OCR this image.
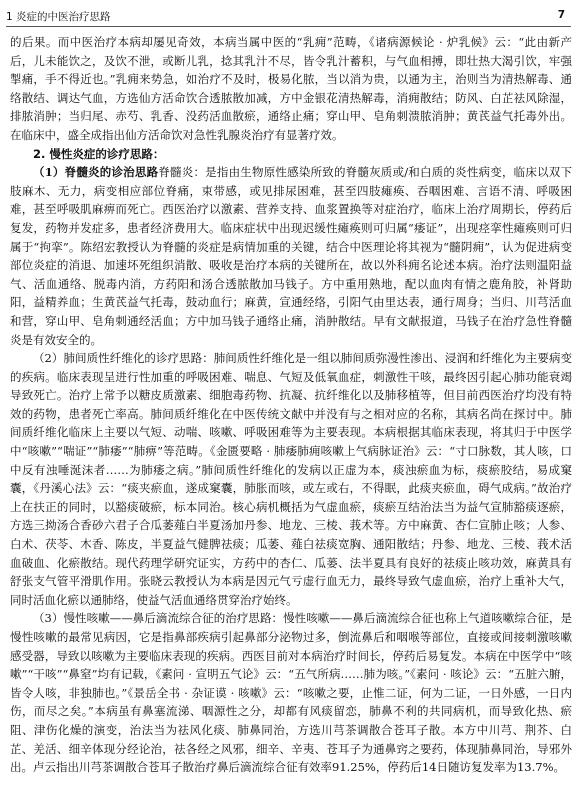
1 炎症的中医治疗思路	7

的后果。而中医治疗本病却屡见奇效，本病当属中医的“乳痈”范畴，《诸病源候论 · 炉乳候》云：“此由新产后，儿未能饮之，及饮不泄，或断儿乳，捻其乳汁不尽，皆令乳汁蓄积，与气血相搏，即壮热大渴引饮，牢强掣痛，手不得近也。”乳痈来势急，如治疗不及时，极易化脓，当以消为贵，以通为主，治则当为清热解毒、通络散结、调达气血，方选仙方活命饮合透脓散加减，方中金银花清热解毒，消痈散结；防风、白芷祛风除湿，排脓消肿；当归尾、赤芍、乳香、没药活血散瘀，通络止痛；穿山甲、皂角刺溃脓消肿；黄芪益气托毒外出。在临床中，盛全成指出仙方活命饮对急性乳腺炎治疗有显著疗效。

2. 慢性炎症的诊疗思路：

（1）脊髓炎的诊治思路脊髓炎：是指由生物原性感染所致的脊髓灰质或/和白质的炎性病变，临床以双下肢麻木、无力，病变相应部位脊痛，束带感，或见排尿困难，甚至四肢瘫痪、吞咽困难、言语不清、呼吸困难，甚至呼吸肌麻痹而死亡。西医治疗以激素、营养支持、血浆置换等对症治疗，临床上治疗周期长，停药后复发，药物并发症多，患者经济费用大。临床症状中出现迟缓性瘫痪则可归属“痿证”，出现痉挛性瘫痪则可归属于“拘挛”。陈绍宏教授认为脊髓的炎症是病情加重的关键，结合中医理论将其视为“髓阴痈”，认为促进病变部位炎症的消退、加速坏死组织消散、吸收是治疗本病的关键所在，故以外科痈名论述本病。治疗法则温阳益气、活血通络、脱毒内消，方药阳和汤合透脓散加马钱子。方中重用熟地，配以血肉有情之鹿角胶，补肾助阳，益精养血；生黄芪益气托毒，鼓动血行；麻黄，宣通经络，引阳气由里达表，通行周身；当归、川芎活血和营，穿山甲、皂角刺通经活血；方中加马钱子通络止痛，消肿散结。早有文献报道，马钱子在治疗急性脊髓炎是有效安全的。

（2）肺间质性纤维化的诊疗思路：肺间质性纤维化是一组以肺间质弥漫性渗出、浸润和纤维化为主要病变的疾病。临床表现呈进行性加重的呼吸困难、喘息、气短及低氧血症，刺激性干咳，最终因引起心肺功能衰竭导致死亡。治疗上常予以糖皮质激素、细胞毒药物、抗凝、抗纤维化以及肺移植等，但目前西医治疗均没有特效的药物，患者死亡率高。肺间质纤维化在中医传统文献中并没有与之相对应的名称，其病名尚在探讨中。肺间质纤维化临床上主要以气短、动喘、咳嗽、呼吸困难等为主要表现。本病根据其临床表现，将其归于中医学中“咳嗽”“喘证”“肺痿”“肺痹”等范畴。《金匮要略 · 肺痿肺痈咳嗽上气病脉证治》云：“寸口脉数，其人咳，口中反有浊唾涎沫者……为肺痿之病。”肺间质性纤维化的发病以正虚为本，痰浊瘀血为标，痰瘀胶结，易成窠囊，《丹溪心法》云：“痰夹瘀血，遂成窠囊，肺胀而咳，或左或右，不得眠，此痰夹瘀血，碍气成病。”故治疗上在扶正的同时，以豁痰破瘀，标本同治。核心病机概括为气虚血瘀，痰瘀互结治法当为益气宣肺豁痰逐瘀，方选三拗汤合香砂六君子合瓜萎薤白半夏汤加丹参、地龙、三棱、莪术等。方中麻黄、杏仁宣肺止咳；人参、白术、茯苓、木香、陈皮，半夏益气健脾祛痰；瓜萎、薤白祛痰宽胸、通阳散结；丹参、地龙、三棱、莪术活血破血、化瘀散结。现代药理学研究证实，方药中的杏仁、瓜蒌、法半夏具有良好的祛痰止咳功效，麻黄具有舒张支气管平滑肌作用。张晓云教授认为本病是因元气亏虚行血无力，最终导致气虚血瘀，治疗上重补大气，同时活血化瘀以通肺络，使益气活血通络贯穿治疗始终。

（3）慢性咳嗽——鼻后滴流综合征的治疗思路：慢性咳嗽——鼻后滴流综合征也称上气道咳嗽综合征，是慢性咳嗽的最常见病因，它是指鼻部疾病引起鼻部分泌物过多，倒流鼻后和咽喉等部位，直接或间接刺激咳嗽感受器，导致以咳嗽为主要临床表现的疾病。西医目前对本病治疗时间长，停药后易复发。本病在中医学中“咳嗽”“干咳”“鼻窒”均有记载，《素问 · 宣明五气论》云：“五气所病……肺为咳。”《素问 · 咳论》云：“五脏六腑，皆令人咳，非独肺也。”《景岳全书 · 杂证谟 · 咳嗽》云：“咳嗽之要，止惟二证，何为二证，一日外感，一日内伤，而尽之矣。”本病虽有鼻塞流涕、咽源性之分，却都有风痰留恋，肺鼻不利的共同病机，而导致化热、瘀阻、津伤化燥的演变，治法当为祛风化痰、肺鼻同治，方选川芎茶调散合苍耳子散。本方中川芎、荆芥、白芷、羌活、细辛体现分经论治，祛各经之风邪，细辛、辛夷、苍耳子为通鼻窍之要药，体现肺鼻同治，导邪外出。卢云指出川芎茶调散合苍耳子散治疗鼻后滴流综合征有效率91.25%，停药后14日随访复发率为13.7%。
